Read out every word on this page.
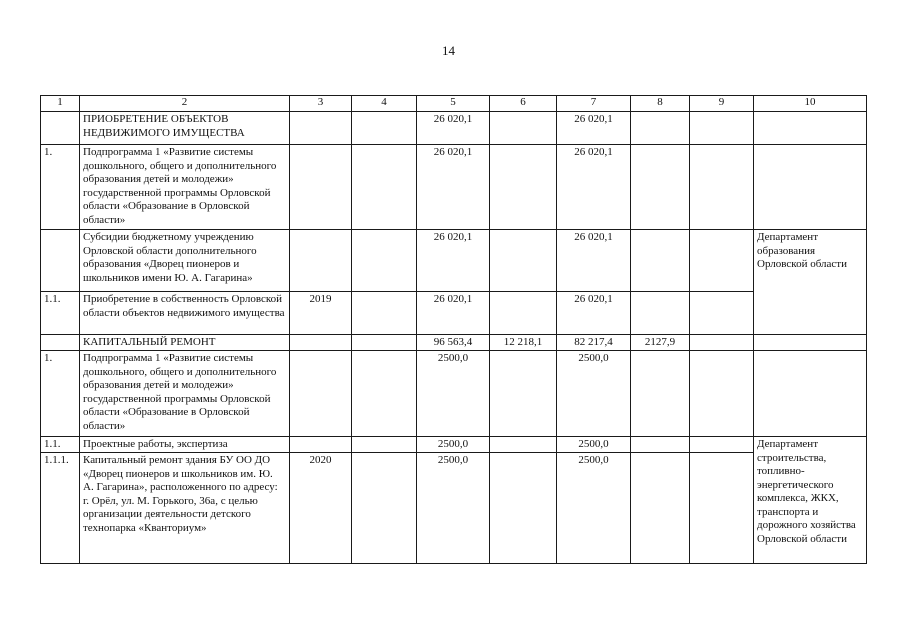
14
1	2	3	4	5	6	7	8	9	10
	ПРИОБРЕТЕНИЕ ОБЪЕКТОВ НЕДВИЖИМОГО ИМУЩЕСТВА			26 020,1		26 020,1			
1.	Подпрограмма 1 «Развитие системы дошкольного, общего и дополнительного образования детей и молодежи» государственной программы Орловской области «Образование в Орловской области»			26 020,1		26 020,1			
	Субсидии бюджетному учреждению Орловской области дополнительного образования «Дворец пионеров и школьников имени Ю. А. Гагарина»			26 020,1		26 020,1			Департамент образования Орловской области
1.1.	Приобретение в собственность Орловской области объектов недвижимого имущества	2019		26 020,1		26 020,1			
	КАПИТАЛЬНЫЙ РЕМОНТ			96 563,4	12 218,1	82 217,4	2127,9		
1.	Подпрограмма 1 «Развитие системы дошкольного, общего и дополнительного образования детей и молодежи» государственной программы Орловской области «Образование в Орловской области»			2500,0		2500,0			
1.1.	Проектные работы, экспертиза			2500,0		2500,0			Департамент строительства, топливно-энергетического комплекса, ЖКХ, транспорта и дорожного хозяйства Орловской области
1.1.1.	Капитальный ремонт здания БУ ОО ДО «Дворец пионеров и школьников им. Ю. А. Гагарина», расположенного по адресу: г. Орёл, ул. М. Горького, 36а, с целью организации деятельности детского технопарка «Кванториум»	2020		2500,0		2500,0			
